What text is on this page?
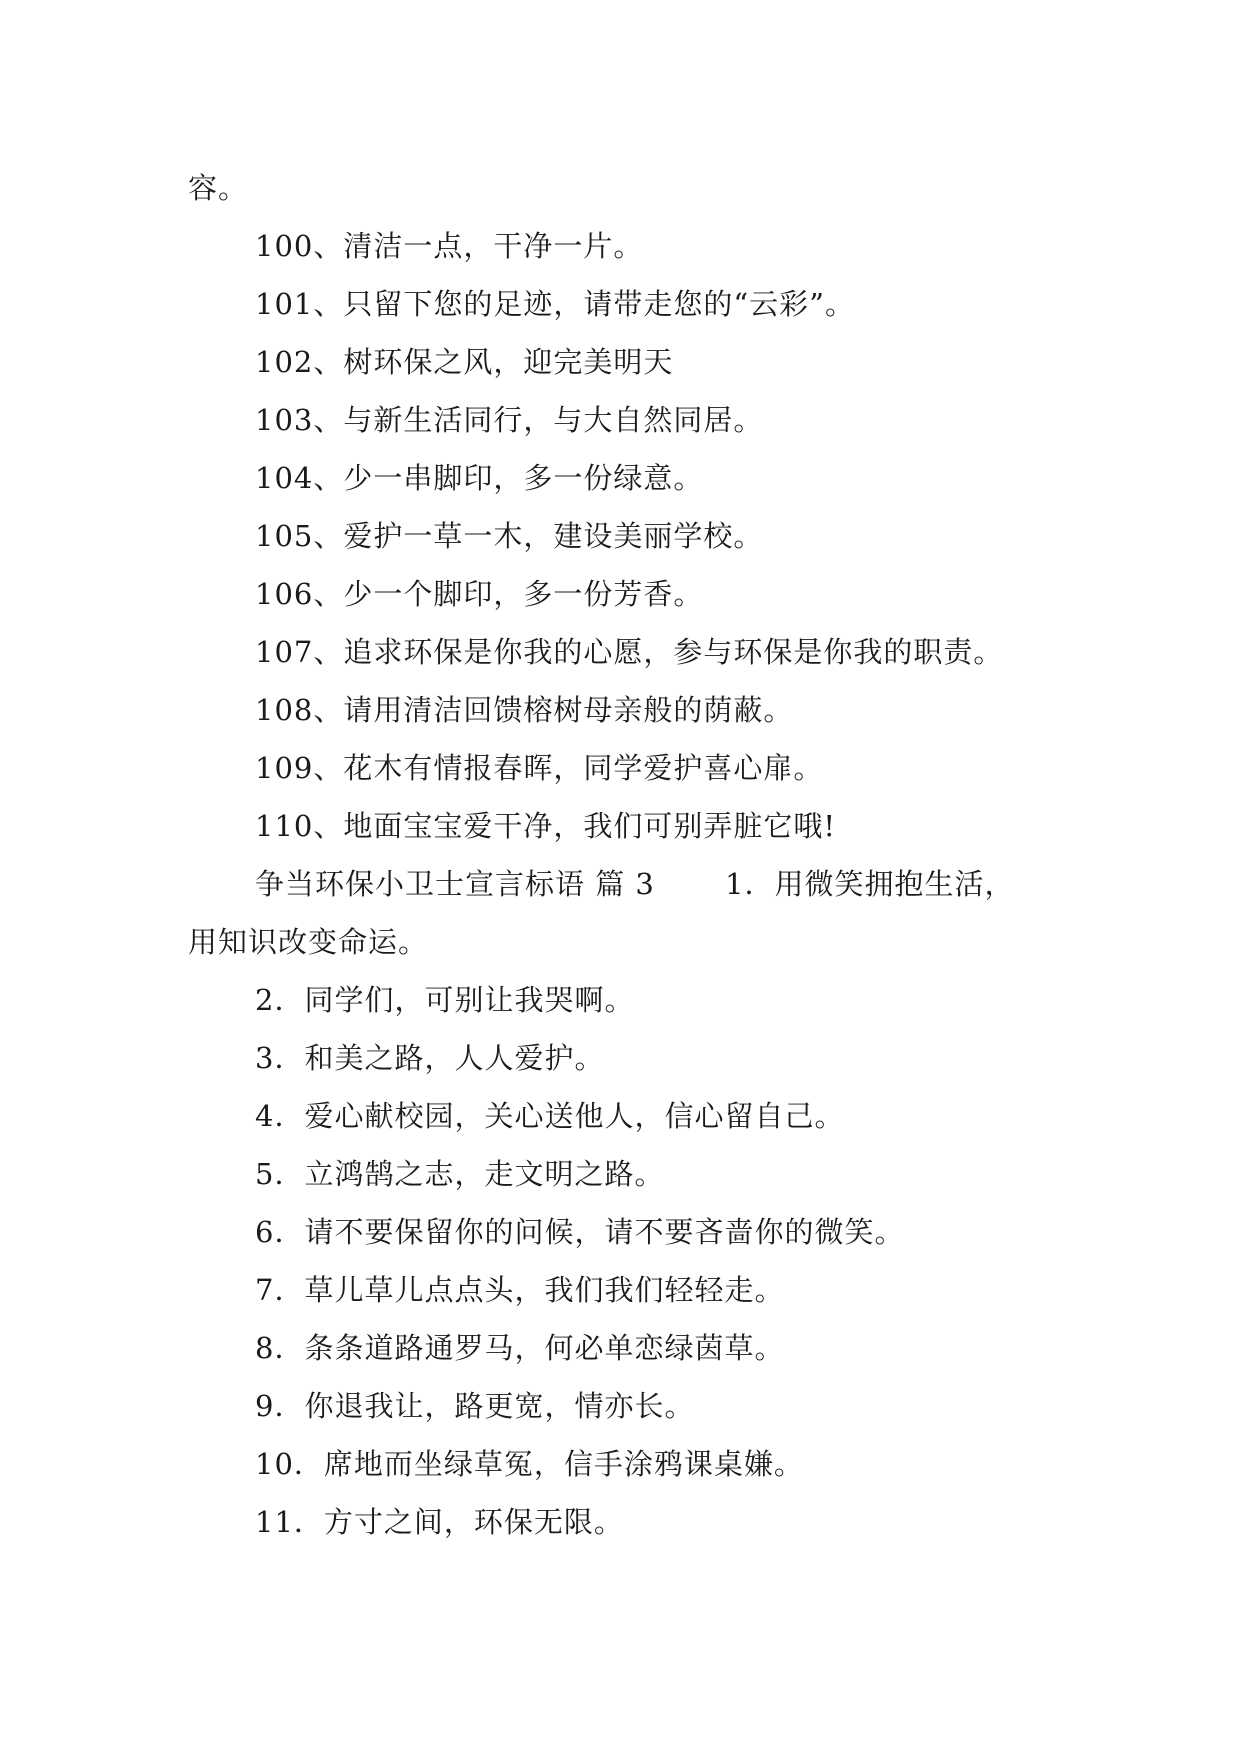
容。
100、清洁一点，干净一片。
101、只留下您的足迹，请带走您的“云彩”。
102、树环保之风，迎完美明天
103、与新生活同行，与大自然同居。
104、少一串脚印，多一份绿意。
105、爱护一草一木，建设美丽学校。
106、少一个脚印，多一份芳香。
107、追求环保是你我的心愿，参与环保是你我的职责。
108、请用清洁回馈榕树母亲般的荫蔽。
109、花木有情报春晖，同学爱护喜心扉。
110、地面宝宝爱干净，我们可别弄脏它哦!
争当环保小卫士宣言标语 篇 3　　 1．用微笑拥抱生活，
用知识改变命运。
2．同学们，可别让我哭啊。
3．和美之路，人人爱护。
4．爱心献校园，关心送他人，信心留自己。
5．立鸿鹄之志，走文明之路。
6．请不要保留你的问候，请不要吝啬你的微笑。
7．草儿草儿点点头，我们我们轻轻走。
8．条条道路通罗马，何必单恋绿茵草。
9．你退我让，路更宽，情亦长。
10．席地而坐绿草冤，信手涂鸦课桌嫌。
11．方寸之间，环保无限。
